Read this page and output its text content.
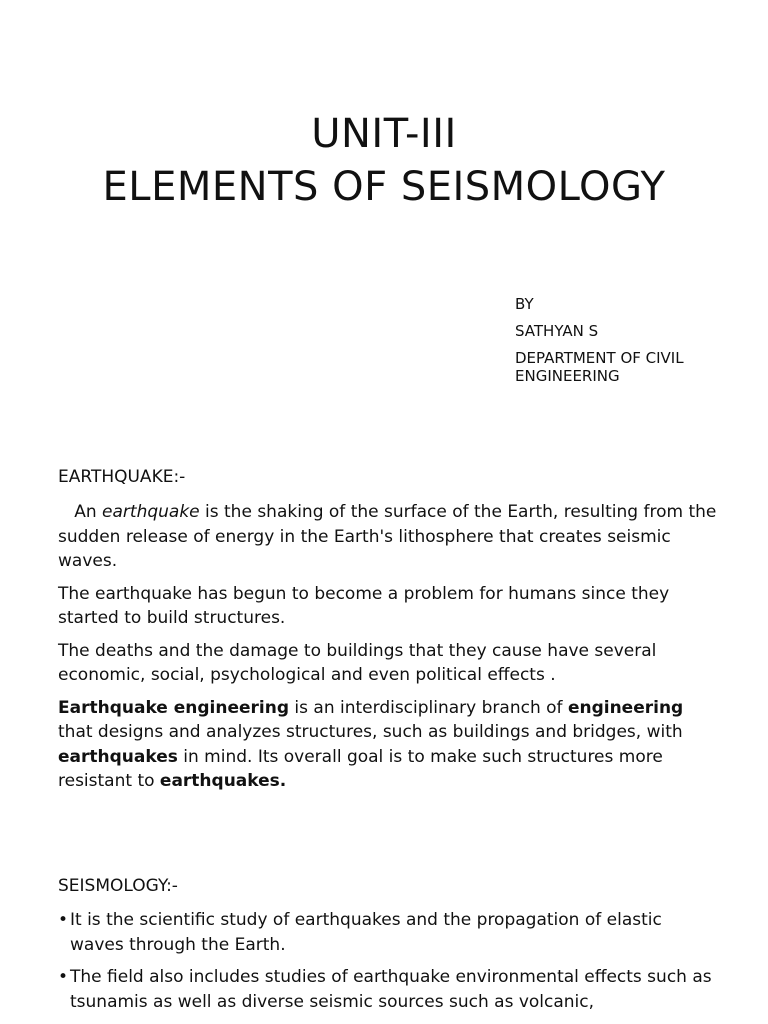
UNIT-III
ELEMENTS OF SEISMOLOGY
BY
SATHYAN S
DEPARTMENT OF CIVIL
ENGINEERING
EARTHQUAKE:-

An earthquake is the shaking of the surface of the Earth, resulting from the sudden release of energy in the Earth's lithosphere that creates seismic waves.

The earthquake has begun to become a problem for humans since they started to build structures.

The deaths and the damage to buildings that they cause have several economic, social, psychological and even political effects .

Earthquake engineering is an interdisciplinary branch of engineering that designs and analyzes structures, such as buildings and bridges, with earthquakes in mind. Its overall goal is to make such structures more resistant to earthquakes.

SEISMOLOGY:-
• It is the scientific study of earthquakes and the propagation of elastic waves through the Earth.
• The field also includes studies of earthquake environmental effects such as tsunamis as well as diverse seismic sources such as volcanic,
